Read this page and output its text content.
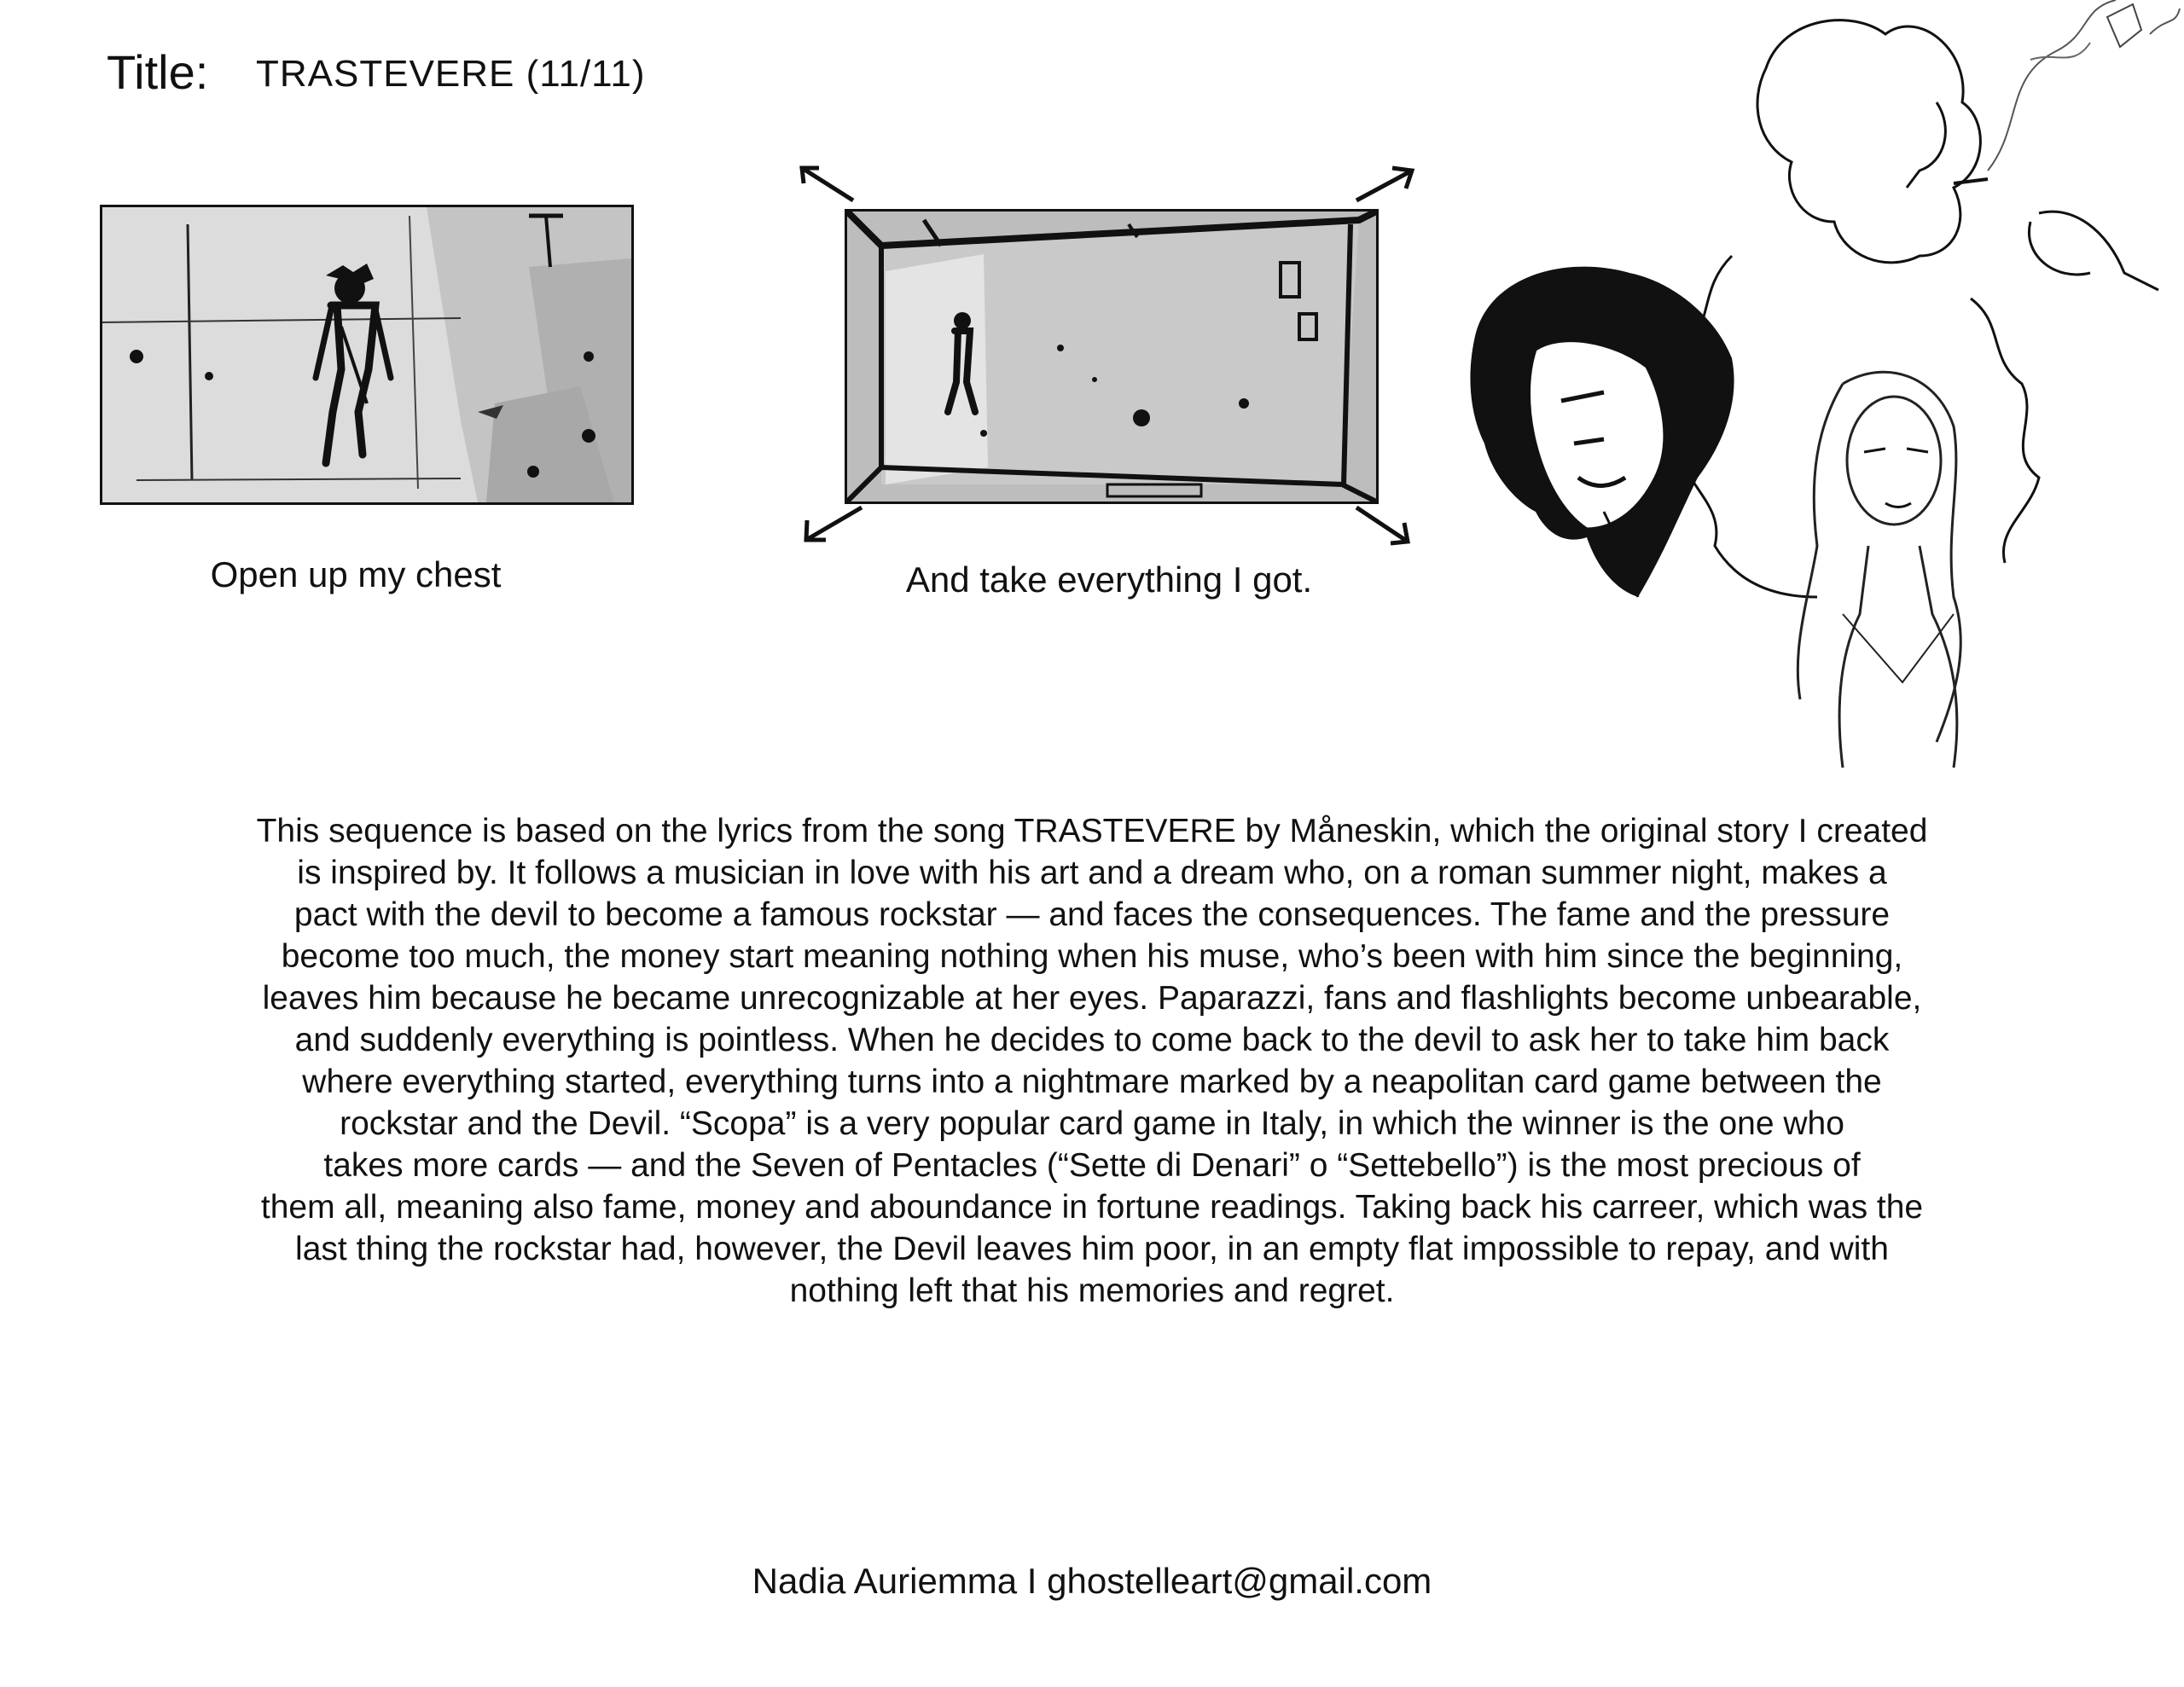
Title: TRASTEVERE (11/11)
Open up my chest	And take everything I got.
This sequence is based on the lyrics from the song TRASTEVERE by Måneskin, which the original story I created
is inspired by. It follows a musician in love with his art and a dream who, on a roman summer night, makes a
pact with the devil to become a famous rockstar — and faces the consequences. The fame and the pressure
become too much, the money start meaning nothing when his muse, who’s been with him since the beginning,
leaves him because he became unrecognizable at her eyes. Paparazzi, fans and flashlights become unbearable,
and suddenly everything is pointless. When he decides to come back to the devil to ask her to take him back
where everything started, everything turns into a nightmare marked by a neapolitan card game between the
rockstar and the Devil. “Scopa” is a very popular card game in Italy, in which the winner is the one who
takes more cards — and the Seven of Pentacles (“Sette di Denari” o “Settebello”) is the most precious of
them all, meaning also fame, money and aboundance in fortune readings. Taking back his carreer, which was the
last thing the rockstar had, however, the Devil leaves him poor, in an empty flat impossible to repay, and with
nothing left that his memories and regret.
Nadia Auriemma I ghostelleart@gmail.com
